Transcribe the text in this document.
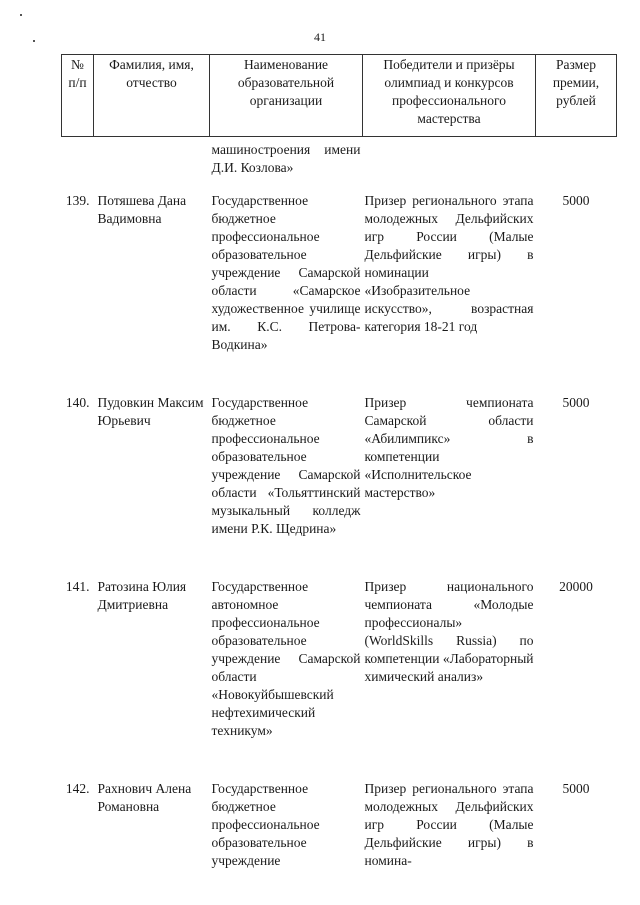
41
№ п/п	Фамилия, имя, отчество	Наименование образовательной организации	Победители и призёры олимпиад и конкурсов профессионального мастерства	Размер премии, рублей
		машиностроения имени Д.И. Козлова»		
139.	Потяшева Дана Вадимовна	Государственное бюджетное профессиональное образовательное учреждение Самарской области «Самарское художественное училище им. К.С. Петрова-Водкина»	Призер регионального этапа молодежных Дельфийских игр России (Малые Дельфийские игры) в номинации «Изобразительное искусство», возрастная категория 18-21 год	5000
140.	Пудовкин Максим Юрьевич	Государственное бюджетное профессиональное образовательное учреждение Самарской области «Тольяттинский музыкальный колледж имени Р.К. Щедрина»	Призер чемпионата Самарской области «Абилимпикс» в компетенции «Исполнительское мастерство»	5000
141.	Ратозина Юлия Дмитриевна	Государственное автономное профессиональное образовательное учреждение Самарской области «Новокуйбышевский нефтехимический техникум»	Призер национального чемпионата «Молодые профессионалы» (WorldSkills Russia) по компетенции «Лабораторный химический анализ»	20000
142.	Рахнович Алена Романовна	Государственное бюджетное профессиональное образовательное учреждение	Призер регионального этапа молодежных Дельфийских игр России (Малые Дельфийские игры) в номина-	5000
